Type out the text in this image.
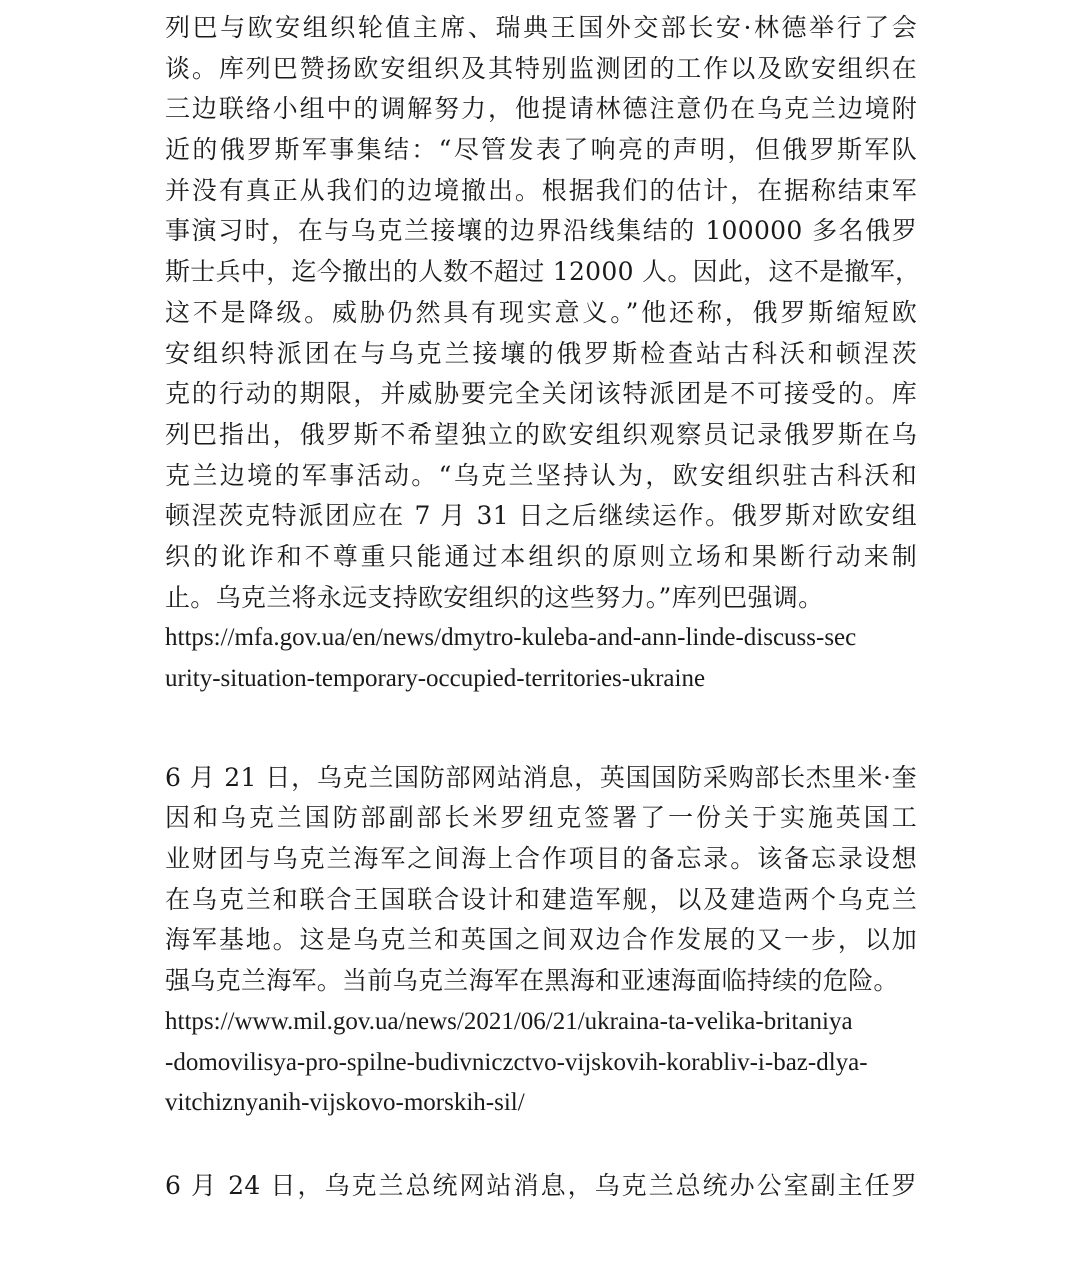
列巴与欧安组织轮值主席、瑞典王国外交部长安·林德举行了会
谈。库列巴赞扬欧安组织及其特别监测团的工作以及欧安组织在
三边联络小组中的调解努力，他提请林德注意仍在乌克兰边境附
近的俄罗斯军事集结：“尽管发表了响亮的声明，但俄罗斯军队
并没有真正从我们的边境撤出。根据我们的估计，在据称结束军
事演习时，在与乌克兰接壤的边界沿线集结的 100000 多名俄罗
斯士兵中，迄今撤出的人数不超过 12000 人。因此，这不是撤军，
这不是降级。威胁仍然具有现实意义。”他还称，俄罗斯缩短欧
安组织特派团在与乌克兰接壤的俄罗斯检查站古科沃和顿涅茨
克的行动的期限，并威胁要完全关闭该特派团是不可接受的。库
列巴指出，俄罗斯不希望独立的欧安组织观察员记录俄罗斯在乌
克兰边境的军事活动。“乌克兰坚持认为，欧安组织驻古科沃和
顿涅茨克特派团应在 7 月 31 日之后继续运作。俄罗斯对欧安组
织的讹诈和不尊重只能通过本组织的原则立场和果断行动来制
止。乌克兰将永远支持欧安组织的这些努力。”库列巴强调。
https://mfa.gov.ua/en/news/dmytro-kuleba-and-ann-linde-discuss-sec
urity-situation-temporary-occupied-territories-ukraine
6 月 21 日，乌克兰国防部网站消息，英国国防采购部长杰里米·奎
因和乌克兰国防部副部长米罗纽克签署了一份关于实施英国工
业财团与乌克兰海军之间海上合作项目的备忘录。该备忘录设想
在乌克兰和联合王国联合设计和建造军舰，以及建造两个乌克兰
海军基地。这是乌克兰和英国之间双边合作发展的又一步，以加
强乌克兰海军。当前乌克兰海军在黑海和亚速海面临持续的危险。
https://www.mil.gov.ua/news/2021/06/21/ukraina-ta-velika-britaniya
-domovilisya-pro-spilne-budivniczctvo-vijskovih-korabliv-i-baz-dlya-
vitchiznyanih-vijskovo-morskih-sil/
6 月 24 日，乌克兰总统网站消息，乌克兰总统办公室副主任罗
